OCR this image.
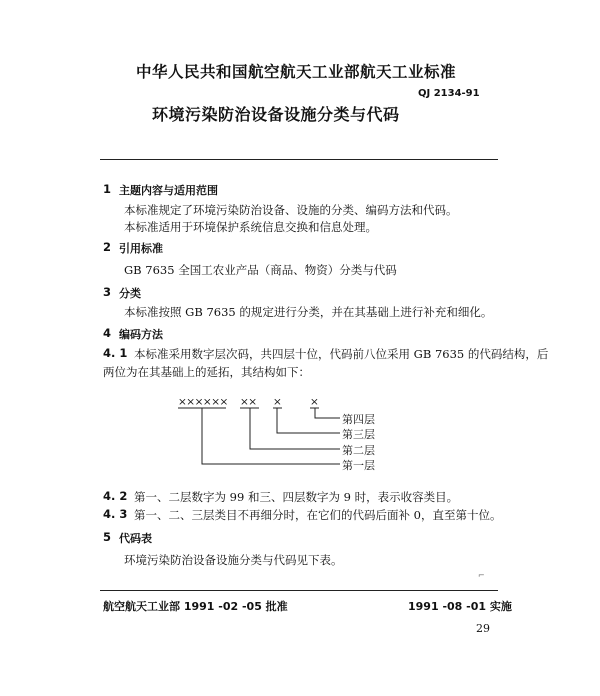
中华人民共和国航空航天工业部航天工业标准
QJ 2134-91
环境污染防治设备设施分类与代码
1 主题内容与适用范围
本标准规定了环境污染防治设备、设施的分类、编码方法和代码。
本标准适用于环境保护系统信息交换和信息处理。
2 引用标准
GB 7635 全国工农业产品（商品、物资）分类与代码
3 分类
本标准按照 GB 7635 的规定进行分类，并在其基础上进行补充和细化。
4 编码方法
4. 1 本标准采用数字层次码，共四层十位，代码前八位采用 GB 7635 的代码结构，后
两位为在其基础上的延拓，其结构如下：
×××××× ×× ×	×
第四层
第三层
第二层
第一层
4. 2 第一、二层数字为 99 和三、四层数字为 9 时，表示收容类目。
4. 3 第一、二、三层类目不再细分时，在它们的代码后面补 0，直至第十位。
5 代码表
环境污染防治设备设施分类与代码见下表。
⌐
航空航天工业部 1991 -02 -05 批准	1991 -08 -01 实施
29
